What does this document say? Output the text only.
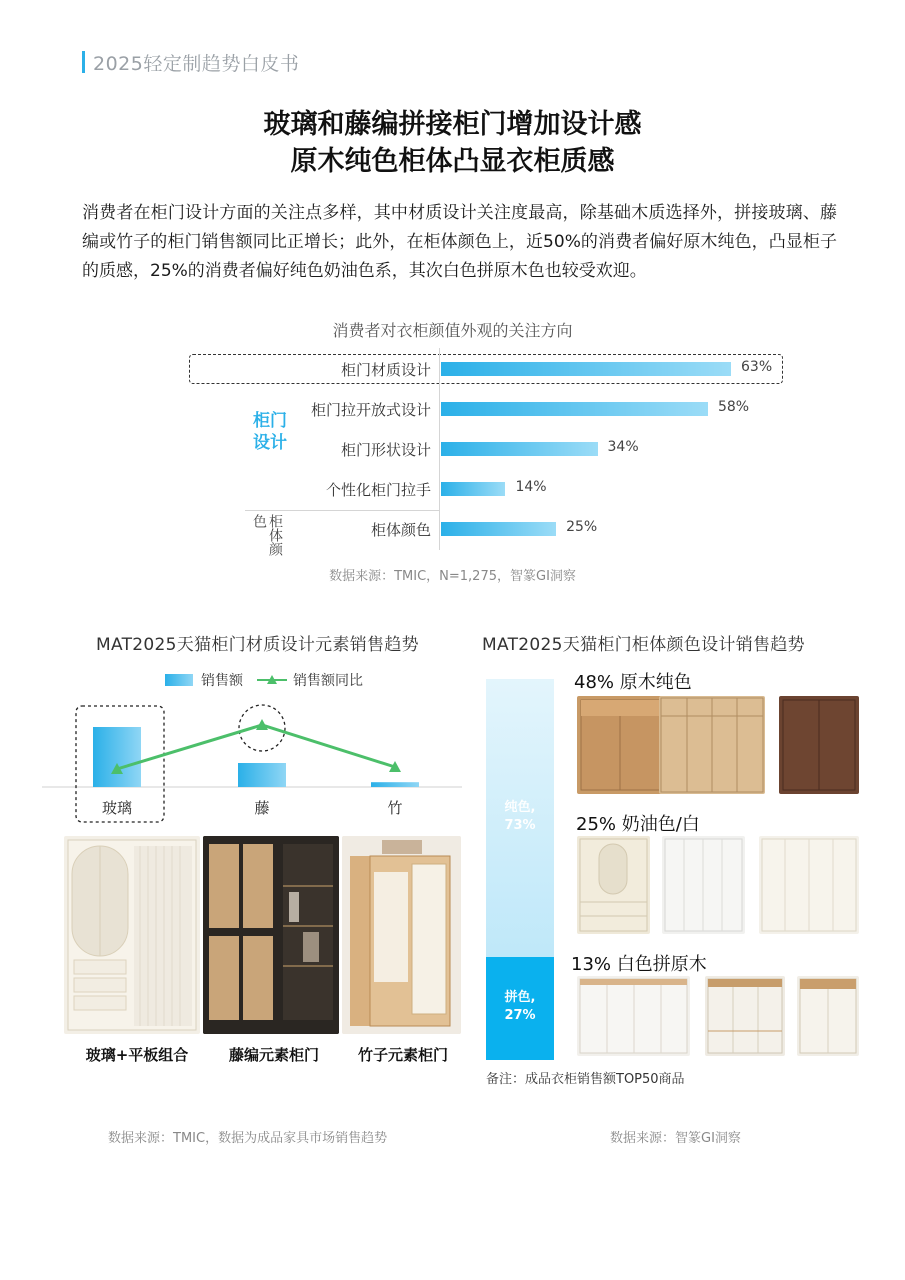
2025轻定制趋势白皮书
玻璃和藤编拼接柜门增加设计感
原木纯色柜体凸显衣柜质感
消费者在柜门设计方面的关注点多样，其中材质设计关注度最高，除基础木质选择外，拼接玻璃、藤编或竹子的柜门销售额同比正增长；此外，在柜体颜色上，近50%的消费者偏好原木纯色，凸显柜子的质感，25%的消费者偏好纯色奶油色系，其次白色拼原木色也较受欢迎。
消费者对衣柜颜值外观的关注方向
柜门
设计
柜体颜色
柜门材质设计	63%
柜门拉开放式设计	58%
柜门形状设计	34%
个性化柜门拉手	14%
柜体颜色	25%
数据来源：TMIC，N=1,275，智篆GI洞察
MAT2025天猫柜门材质设计元素销售趋势
销售额	销售额同比
玻璃	藤	竹
玻璃+平板组合	藤编元素柜门	竹子元素柜门
数据来源：TMIC，数据为成品家具市场销售趋势
MAT2025天猫柜门柜体颜色设计销售趋势
纯色,
73%
拼色,
27%
48% 原木纯色
25% 奶油色/白
13% 白色拼原木
备注：成品衣柜销售额TOP50商品
数据来源：智篆GI洞察
